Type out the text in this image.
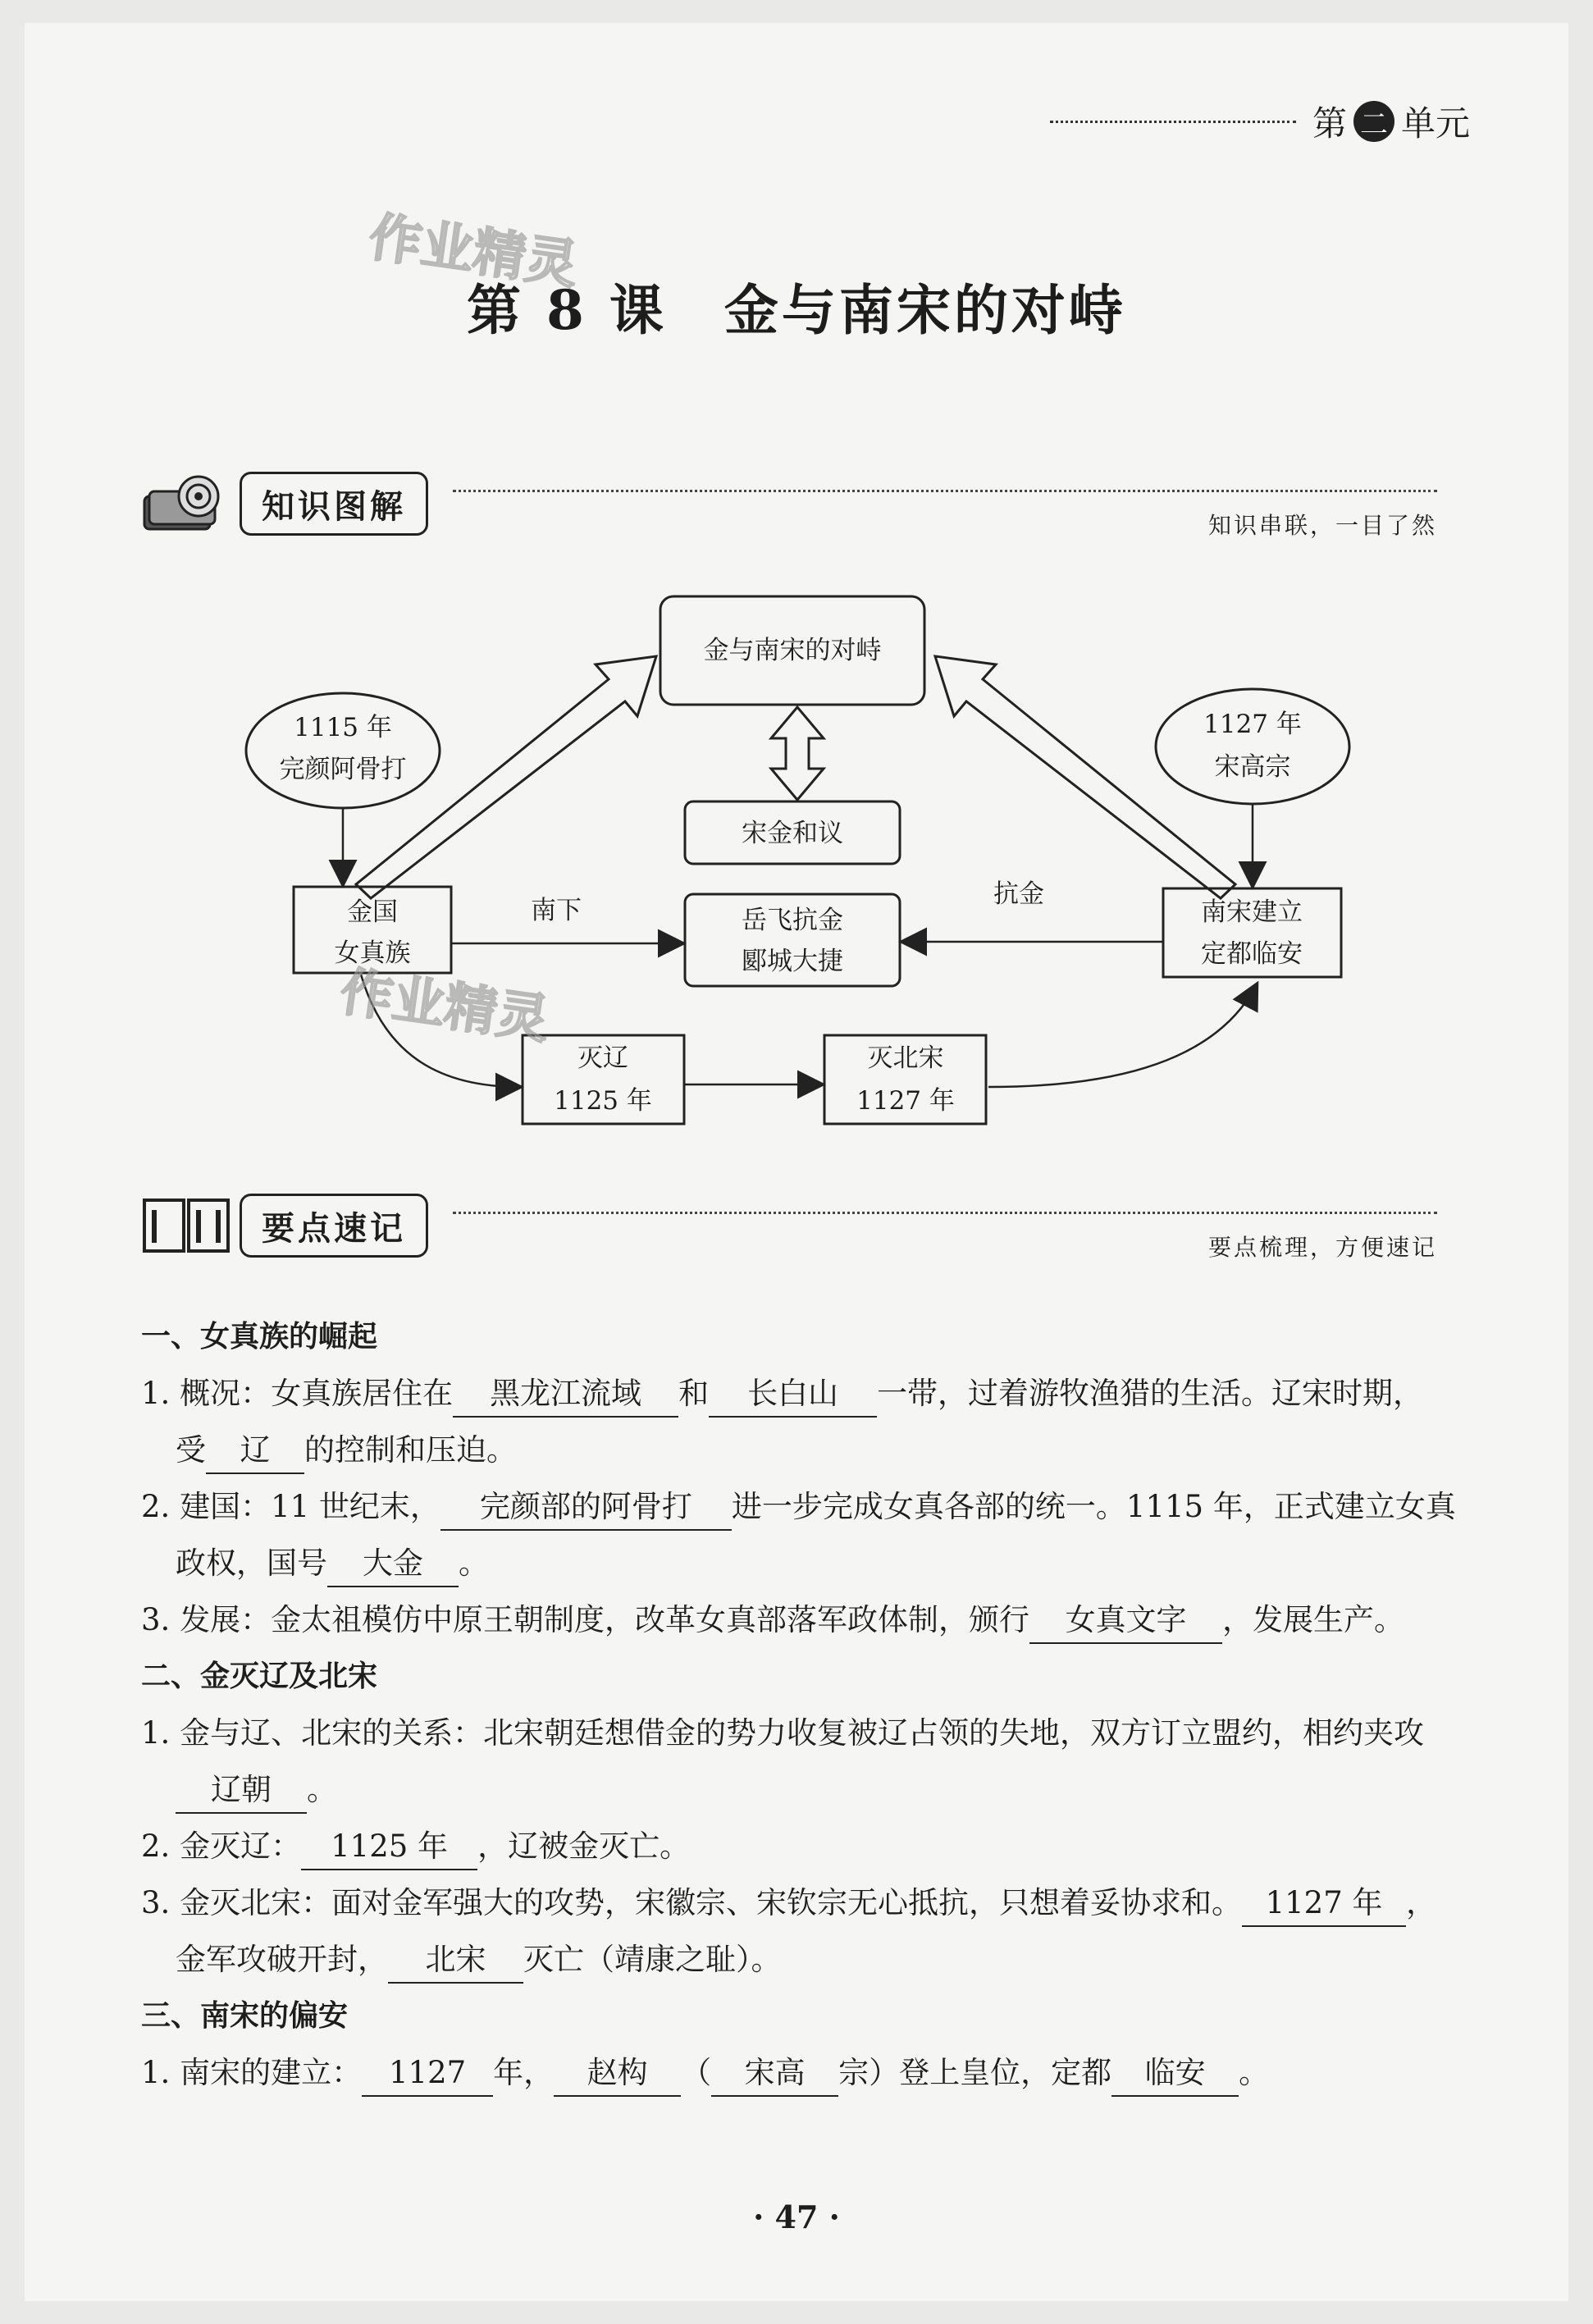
第 二 单元
作业精灵
第 8 课　金与南宋的对峙
知识图解	知识串联，一目了然
金与南宋的对峙
1115 年
完颜阿骨打
1127 年
宋高宗
宋金和议
金国
女真族
岳飞抗金
郾城大捷
南宋建立
定都临安
灭辽
1125 年
灭北宋
1127 年
南下
抗金
作业精灵
要点速记	要点梳理，方便速记

一、女真族的崛起

1. 概况：女真族居住在 黑龙江流域 和 长白山 一带，过着游牧渔猎的生活。辽宋时期，

受 辽 的控制和压迫。

2. 建国：11 世纪末， 完颜部的阿骨打 进一步完成女真各部的统一。1115 年，正式建立女真

政权，国号 大金 。

3. 发展：金太祖模仿中原王朝制度，改革女真部落军政体制，颁行 女真文字 ，发展生产。

二、金灭辽及北宋

1. 金与辽、北宋的关系：北宋朝廷想借金的势力收复被辽占领的失地，双方订立盟约，相约夹攻

辽朝 。

2. 金灭辽： 1125 年 ，辽被金灭亡。

3. 金灭北宋：面对金军强大的攻势，宋徽宗、宋钦宗无心抵抗，只想着妥协求和。 1127 年 ，

金军攻破开封， 北宋 灭亡（靖康之耻）。

三、南宋的偏安

1. 南宋的建立： 1127 年， 赵构 （ 宋高 宗）登上皇位，定都 临安 。

· 47 ·
